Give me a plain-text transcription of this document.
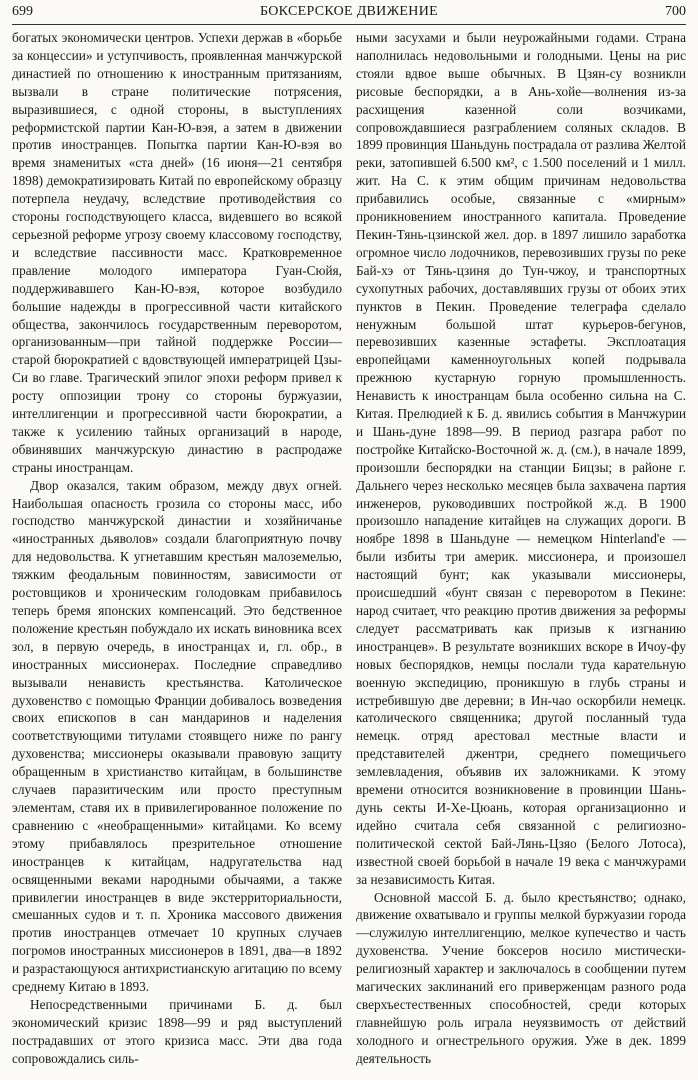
699	БОКСЕРСКОЕ ДВИЖЕНИЕ	700

богатых экономически центров. Успехи держав в «борьбе за концессии» и уступчивость, проявленная манчжурской династией по отношению к иностранным притязаниям, вызвали в стране политические потрясения, выразившиеся, с одной стороны, в выступлениях реформистской партии Кан-Ю-вэя, а затем в движении против иностранцев. Попытка партии Кан-Ю-вэя во время знаменитых «ста дней» (16 июня—21 сентября 1898) демократизировать Китай по европейскому образцу потерпела неудачу, вследствие противодействия со стороны господствующего класса, видевшего во всякой серьезной реформе угрозу своему классовому господству, и вследствие пассивности масс. Кратковременное правление молодого императора Гуан-Сюйя, поддерживавшего Кан-Ю-вэя, которое возбудило большие надежды в прогрессивной части китайского общества, закончилось государственным переворотом, организованным—при тайной поддержке России—старой бюрократией с вдовствующей императрицей Цзы-Си во главе. Трагический эпилог эпохи реформ привел к росту оппозиции трону со стороны буржуазии, интеллигенции и прогрессивной части бюрократии, а также к усилению тайных организаций в народе, обвинявших манчжурскую династию в распродаже страны иностранцам.

Двор оказался, таким образом, между двух огней. Наибольшая опасность грозила со стороны масс, ибо господство манчжурской династии и хозяйничанье «иностранных дьяволов» создали благоприятную почву для недовольства. К угнетавшим крестьян малоземелью, тяжким феодальным повинностям, зависимости от ростовщиков и хроническим голодовкам прибавилось теперь бремя японских компенсаций. Это бедственное положение крестьян побуждало их искать виновника всех зол, в первую очередь, в иностранцах и, гл. обр., в иностранных миссионерах. Последние справедливо вызывали ненависть крестьянства. Католическое духовенство с помощью Франции добивалось возведения своих епископов в сан мандаринов и наделения соответствующими титулами стоявщего ниже по рангу духовенства; миссионеры оказывали правовую защиту обращенным в христианство китайцам, в большинстве случаев паразитическим или просто преступным элементам, ставя их в привилегированное положение по сравнению с «необращенными» китайцами. Ко всему этому прибавлялось презрительное отношение иностранцев к китайцам, надругательства над освященными веками народными обычаями, а также привилегии иностранцев в виде экстерриториальности, смешанных судов и т. п. Хроника массового движения против иностранцев отмечает 10 крупных случаев погромов иностранных миссионеров в 1891, два—в 1892 и разрастающуюся антихристианскую агитацию по всему среднему Китаю в 1893.

Непосредственными причинами Б. д. был экономический кризис 1898—99 и ряд выступлений пострадавших от этого кризиса масс. Эти два года сопровождались силь-

ными засухами и были неурожайными годами. Страна наполнилась недовольными и голодными. Цены на рис стояли вдвое выше обычных. В Цзян-су возникли рисовые беспорядки, а в Ань-хойе—волнения из-за расхищения казенной соли возчиками, сопровождавшиеся разграблением соляных складов. В 1899 провинция Шаньдунь пострадала от разлива Желтой реки, затопившей 6.500 км², с 1.500 поселений и 1 милл. жит. На С. к этим общим причинам недовольства прибавились особые, связанные с «мирным» проникновением иностранного капитала. Проведение Пекин-Тянь-цзинской жел. дор. в 1897 лишило заработка огромное число лодочников, перевозивших грузы по реке Бай-хэ от Тянь-цзиня до Тун-чжоу, и транспортных сухопутных рабочих, доставлявших грузы от обоих этих пунктов в Пекин. Проведение телеграфа сделало ненужным большой штат курьеров-бегунов, перевозивших казенные эстафеты. Эксплоатация европейцами каменноугольных копей подрывала прежнюю кустарную горную промышленность. Ненависть к иностранцам была особенно сильна на С. Китая. Прелюдией к Б. д. явились события в Манчжурии и Шань-дуне 1898—99. В период разгара работ по постройке Китайско-Восточной ж. д. (см.), в начале 1899, произошли беспорядки на станции Бицзы; в районе г. Дальнего через несколько месяцев была захвачена партия инженеров, руководивших постройкой ж.д. В 1900 произошло нападение китайцев на служащих дороги. В ноябре 1898 в Шаньдуне — немецком Hinterland'е — были избиты три америк. миссионера, и произошел настоящий бунт; как указывали миссионеры, происшедший «бунт связан с переворотом в Пекине: народ считает, что реакцию против движения за реформы следует рассматривать как призыв к изгнанию иностранцев». В результате возникших вскоре в Ичоу-фу новых беспорядков, немцы послали туда карательную военную экспедицию, проникшую в глубь страны и истребившую две деревни; в Ин-чао оскорбили немецк. католического священника; другой посланный туда немецк. отряд арестовал местные власти и представителей джентри, среднего помещичьего землевладения, объявив их заложниками. К этому времени относится возникновение в провинции Шань-дунь секты И-Хе-Цюань, которая организационно и идейно считала себя связанной с религиозно-политической сектой Бай-Лянь-Цзяо (Белого Лотоса), известной своей борьбой в начале 19 века с манчжурами за независимость Китая.

Основной массой Б. д. было крестьянство; однако, движение охватывало и группы мелкой буржуазии города—служилую интеллигенцию, мелкое купечество и часть духовенства. Учение боксеров носило мистически-религиозный характер и заключалось в сообщении путем магических заклинаний его приверженцам разного рода сверхъестественных способностей, среди которых главнейшую роль играла неуязвимость от действий холодного и огнестрельного оружия. Уже в дек. 1899 деятельность
